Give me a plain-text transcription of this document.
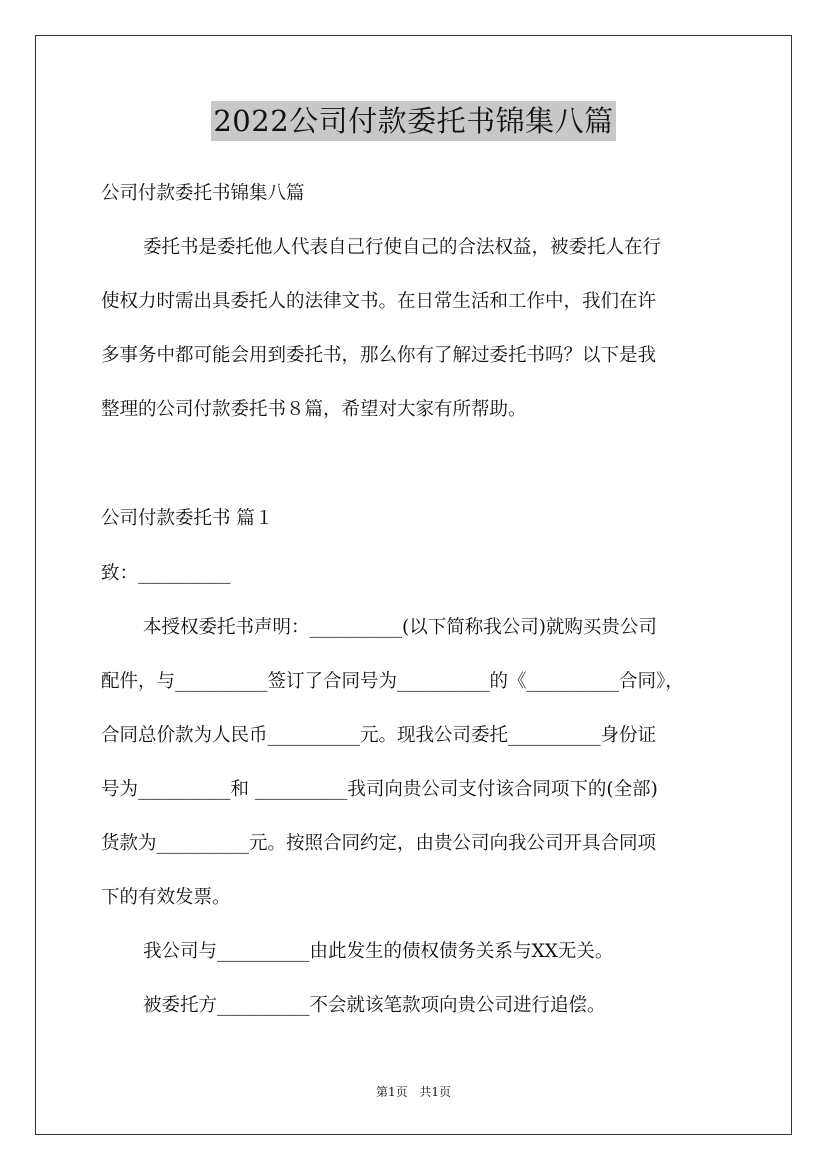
2022公司付款委托书锦集八篇
公司付款委托书锦集八篇
委托书是委托他人代表自己行使自己的合法权益，被委托人在行
使权力时需出具委托人的法律文书。在日常生活和工作中，我们在许
多事务中都可能会用到委托书，那么你有了解过委托书吗？以下是我
整理的公司付款委托书８篇，希望对大家有所帮助。
公司付款委托书 篇１
致：__________
本授权委托书声明：__________(以下简称我公司)就购买贵公司
配件，与__________签订了合同号为__________的《__________合同》，
合同总价款为人民币__________元。现我公司委托__________身份证
号为__________和 __________我司向贵公司支付该合同项下的(全部)
货款为__________元。按照合同约定，由贵公司向我公司开具合同项
下的有效发票。
我公司与__________由此发生的债权债务关系与XX无关。
被委托方__________不会就该笔款项向贵公司进行追偿。
第1页 共1页
